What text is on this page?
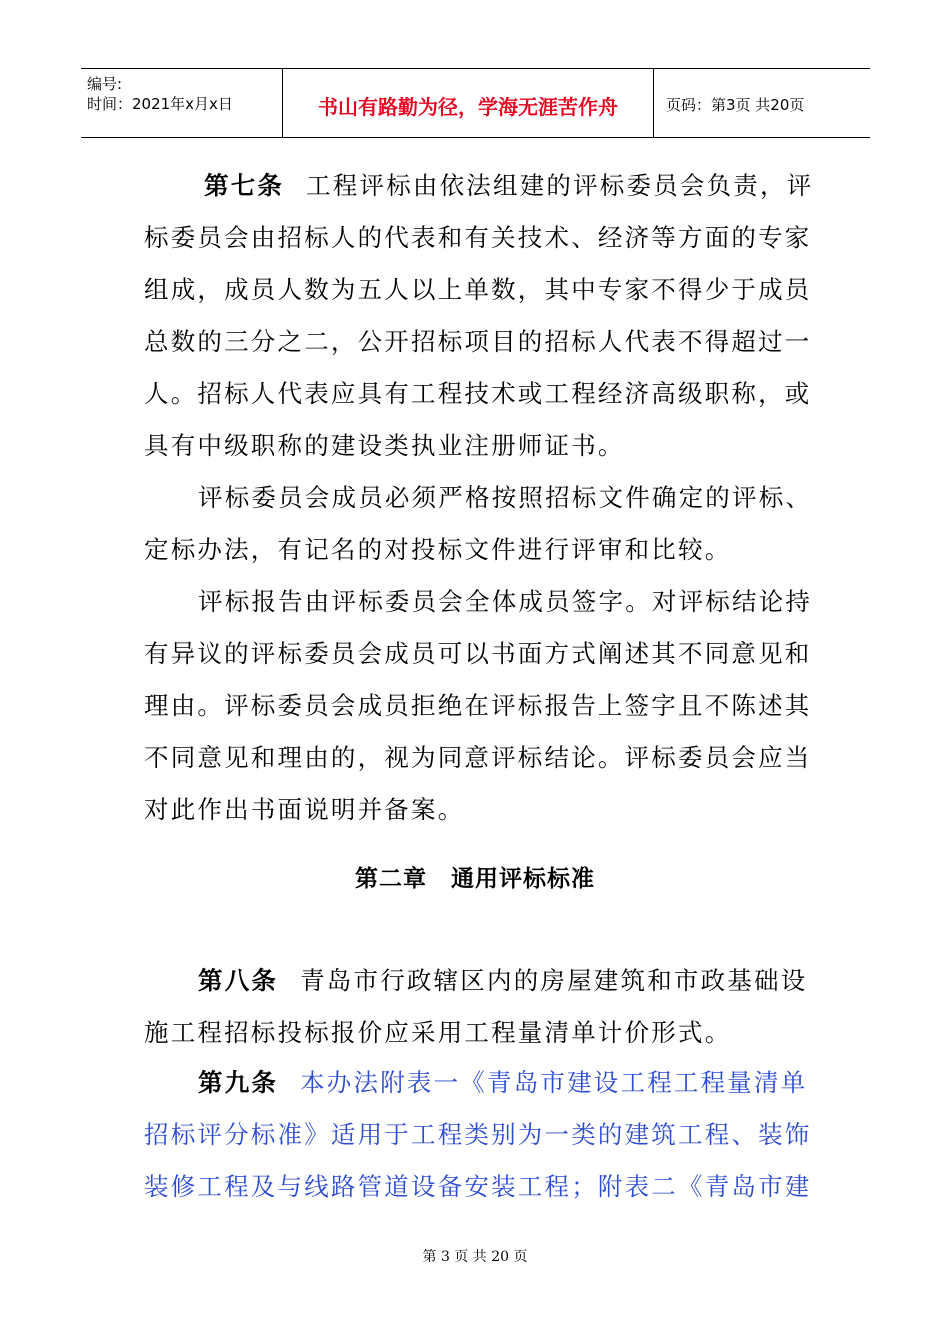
编号:
时间：2021年x月x日	书山有路勤为径，学海无涯苦作舟	页码：第3页 共20页
第七条 工程评标由依法组建的评标委员会负责，评
标委员会由招标人的代表和有关技术、经济等方面的专家
组成，成员人数为五人以上单数，其中专家不得少于成员
总数的三分之二，公开招标项目的招标人代表不得超过一
人。招标人代表应具有工程技术或工程经济高级职称，或
具有中级职称的建设类执业注册师证书。
评标委员会成员必须严格按照招标文件确定的评标、
定标办法，有记名的对投标文件进行评审和比较。
评标报告由评标委员会全体成员签字。对评标结论持
有异议的评标委员会成员可以书面方式阐述其不同意见和
理由。评标委员会成员拒绝在评标报告上签字且不陈述其
不同意见和理由的，视为同意评标结论。评标委员会应当
对此作出书面说明并备案。
第二章　通用评标标准
第八条 青岛市行政辖区内的房屋建筑和市政基础设
施工程招标投标报价应采用工程量清单计价形式。
第九条 本办法附表一《青岛市建设工程工程量清单
招标评分标准》适用于工程类别为一类的建筑工程、装饰
装修工程及与线路管道设备安装工程；附表二《青岛市建
第 3 页 共 20 页
